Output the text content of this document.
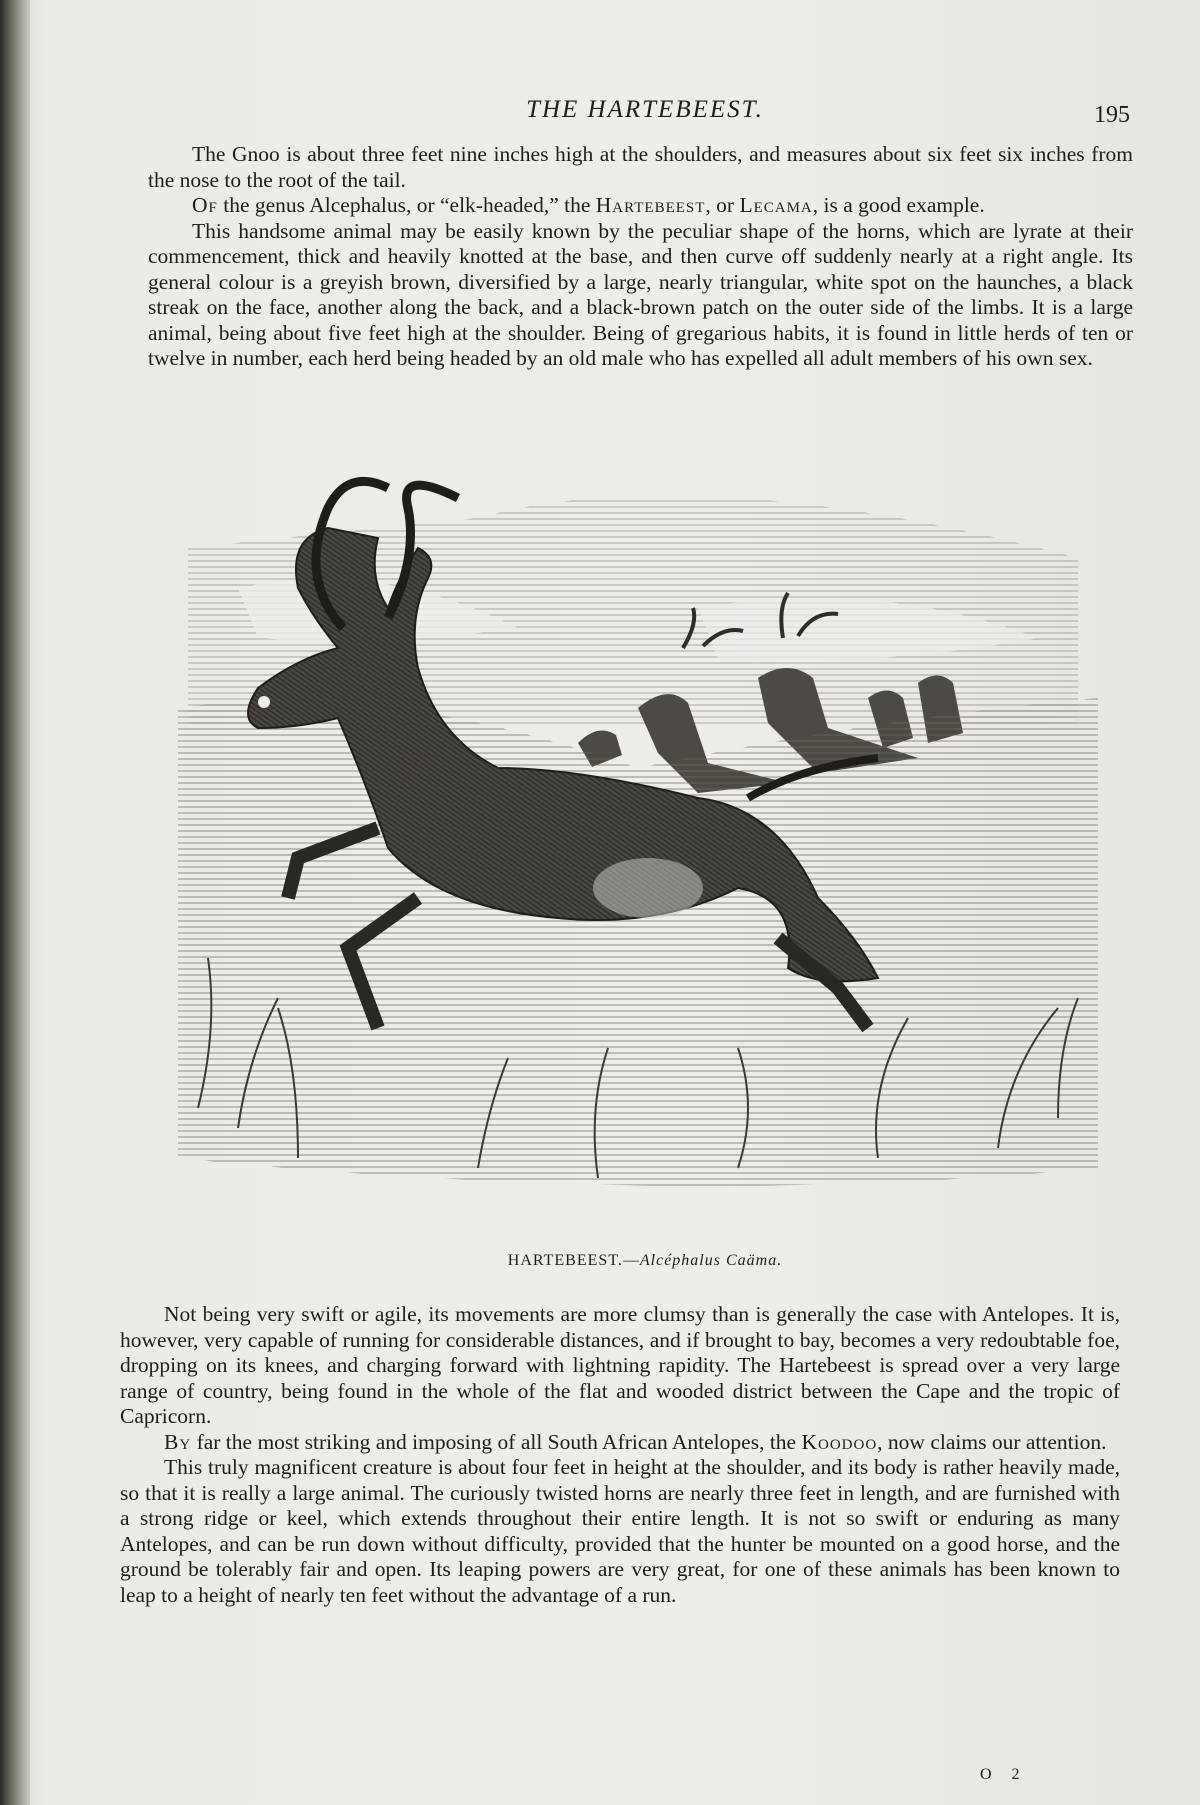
THE HARTEBEEST.	195

The Gnoo is about three feet nine inches high at the shoulders, and measures about six feet six inches from the nose to the root of the tail.

Of the genus Alcephalus, or “elk-headed,” the Hartebeest, or Lecama, is a good example.

This handsome animal may be easily known by the peculiar shape of the horns, which are lyrate at their commencement, thick and heavily knotted at the base, and then curve off suddenly nearly at a right angle. Its general colour is a greyish brown, diversified by a large, nearly triangular, white spot on the haunches, a black streak on the face, another along the back, and a black-brown patch on the outer side of the limbs. It is a large animal, being about five feet high at the shoulder. Being of gregarious habits, it is found in little herds of ten or twelve in number, each herd being headed by an old male who has expelled all adult members of his own sex.

HARTEBEEST.—Alcéphalus Caäma.

Not being very swift or agile, its movements are more clumsy than is generally the case with Antelopes. It is, however, very capable of running for considerable distances, and if brought to bay, becomes a very redoubtable foe, dropping on its knees, and charging forward with lightning rapidity. The Hartebeest is spread over a very large range of country, being found in the whole of the flat and wooded district between the Cape and the tropic of Capricorn.

By far the most striking and imposing of all South African Antelopes, the Koodoo, now claims our attention.

This truly magnificent creature is about four feet in height at the shoulder, and its body is rather heavily made, so that it is really a large animal. The curiously twisted horns are nearly three feet in length, and are furnished with a strong ridge or keel, which extends throughout their entire length. It is not so swift or enduring as many Antelopes, and can be run down without difficulty, provided that the hunter be mounted on a good horse, and the ground be tolerably fair and open. Its leaping powers are very great, for one of these animals has been known to leap to a height of nearly ten feet without the advantage of a run.

O 2
